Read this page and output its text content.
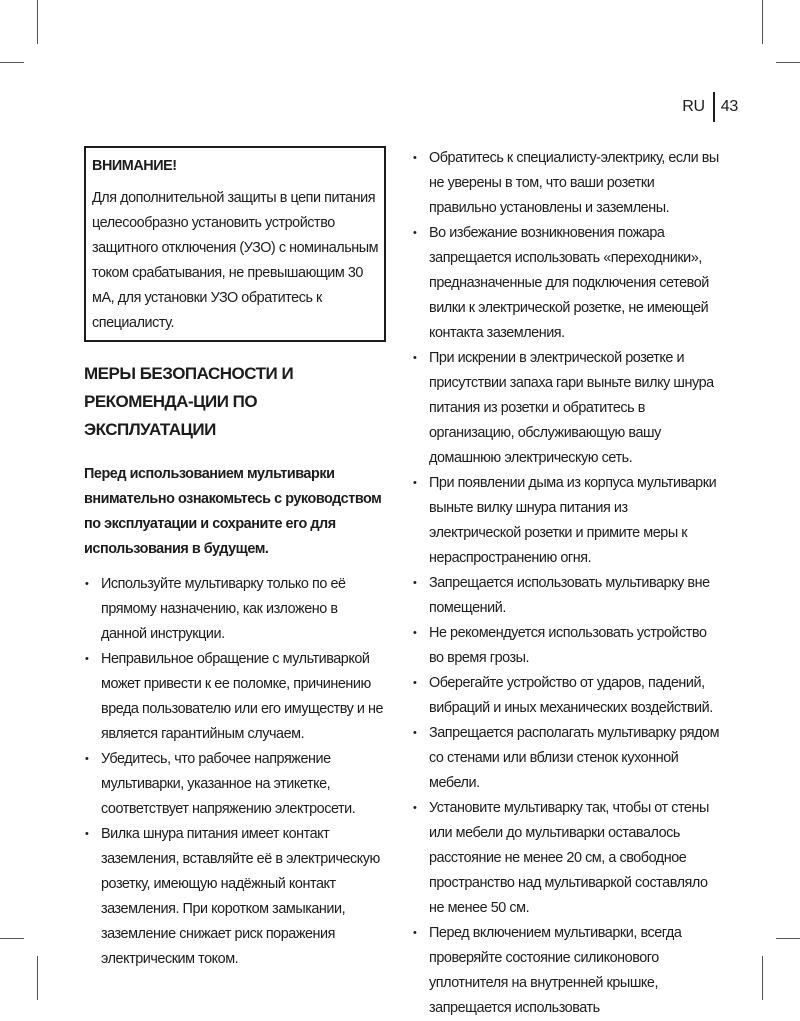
RU	43
ВНИМАНИЕ!
Для дополнительной защиты в цепи питания целесообразно установить устройство защитного отключения (УЗО) с номинальным током срабатывания, не превышающим 30 мА, для установки УЗО обратитесь к специалисту.
МЕРЫ БЕЗОПАСНОСТИ И РЕКОМЕНДА-ЦИИ ПО ЭКСПЛУАТАЦИИ

Перед использованием мультиварки внимательно ознакомьтесь с руководством по эксплуатации и сохраните его для использования в будущем.

• Используйте мультиварку только по её прямому назначению, как изложено в данной инструкции.
• Неправильное обращение с мультиваркой может привести к ее поломке, причинению вреда пользователю или его имуществу и не является гарантийным случаем.
• Убедитесь, что рабочее напряжение мультиварки, указанное на этикетке, соответствует напряжению электросети.
• Вилка шнура питания имеет контакт заземления, вставляйте её в электрическую розетку, имеющую надёжный контакт заземления. При коротком замыкании, заземление снижает риск поражения электрическим током.
• Обратитесь к специалисту-электрику, если вы не уверены в том, что ваши розетки правильно установлены и заземлены.
• Во избежание возникновения пожара запрещается использовать «переходники», предназначенные для подключения сетевой вилки к электрической розетке, не имеющей контакта заземления.
• При искрении в электрической розетке и присутствии запаха гари выньте вилку шнура питания из розетки и обратитесь в организацию, обслуживающую вашу домашнюю электрическую сеть.
• При появлении дыма из корпуса мультиварки выньте вилку шнура питания из электрической розетки и примите меры к нераспространению огня.
• Запрещается использовать мультиварку вне помещений.
• Не рекомендуется использовать устройство во время грозы.
• Оберегайте устройство от ударов, падений, вибраций и иных механических воздействий.
• Запрещается располагать мультиварку рядом со стенами или вблизи стенок кухонной мебели.
• Установите мультиварку так, чтобы от стены или мебели до мультиварки оставалось расстояние не менее 20 см, а свободное пространство над мультиваркой составляло не менее 50 см.
• Перед включением мультиварки, всегда проверяйте состояние силиконового уплотнителя на внутренней крышке, запрещается использовать
